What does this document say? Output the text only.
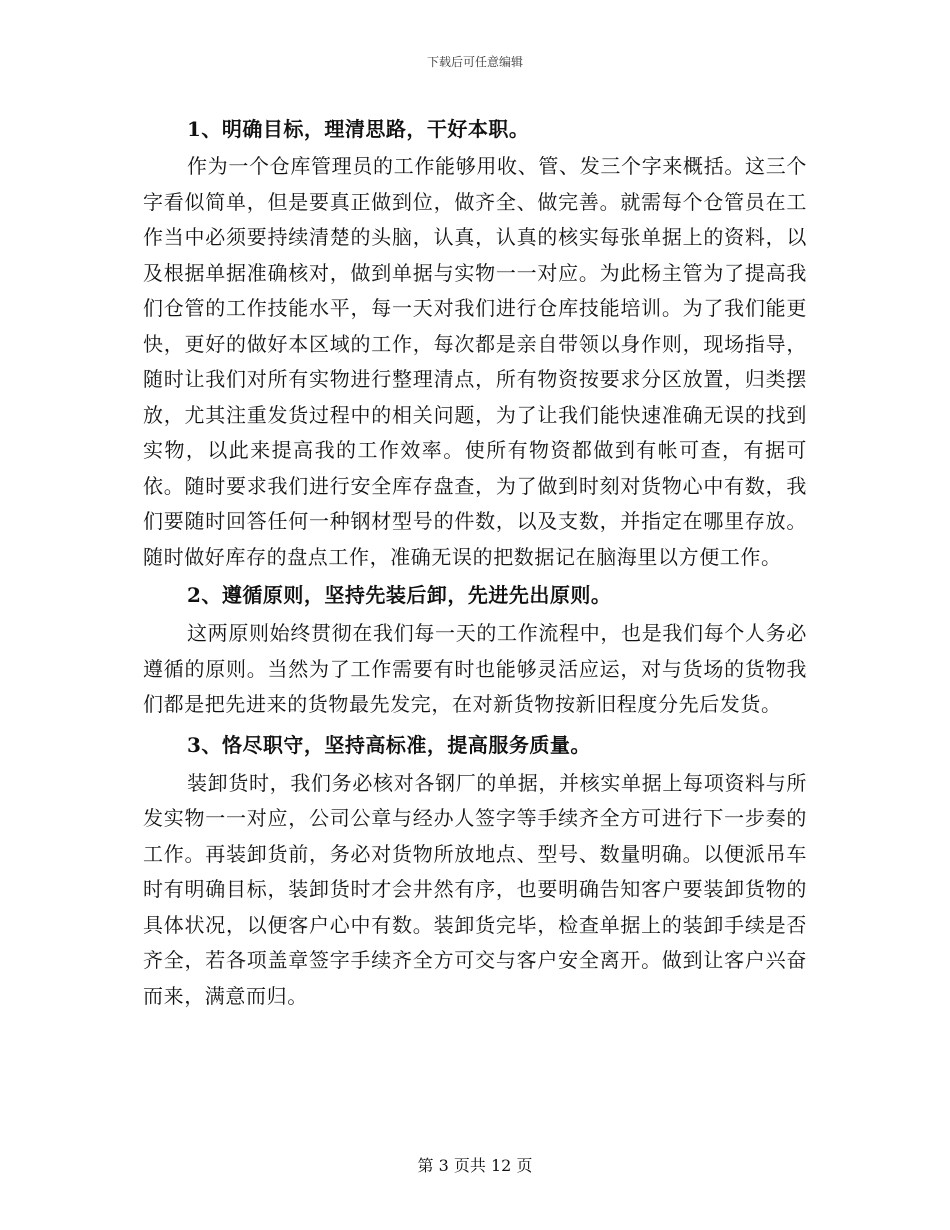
下载后可任意编辑

1、明确目标，理清思路，干好本职。

作为一个仓库管理员的工作能够用收、管、发三个字来概括。这三个字看似简单，但是要真正做到位，做齐全、做完善。就需每个仓管员在工作当中必须要持续清楚的头脑，认真，认真的核实每张单据上的资料，以及根据单据准确核对，做到单据与实物一一对应。为此杨主管为了提高我们仓管的工作技能水平，每一天对我们进行仓库技能培训。为了我们能更快，更好的做好本区域的工作，每次都是亲自带领以身作则，现场指导，随时让我们对所有实物进行整理清点，所有物资按要求分区放置，归类摆放，尤其注重发货过程中的相关问题，为了让我们能快速准确无误的找到实物，以此来提高我的工作效率。使所有物资都做到有帐可查，有据可依。随时要求我们进行安全库存盘查，为了做到时刻对货物心中有数，我们要随时回答任何一种钢材型号的件数，以及支数，并指定在哪里存放。随时做好库存的盘点工作，准确无误的把数据记在脑海里以方便工作。

2、遵循原则，坚持先装后卸，先进先出原则。

这两原则始终贯彻在我们每一天的工作流程中，也是我们每个人务必遵循的原则。当然为了工作需要有时也能够灵活应运，对与货场的货物我们都是把先进来的货物最先发完，在对新货物按新旧程度分先后发货。

3、恪尽职守，坚持高标准，提高服务质量。

装卸货时，我们务必核对各钢厂的单据，并核实单据上每项资料与所发实物一一对应，公司公章与经办人签字等手续齐全方可进行下一步奏的工作。再装卸货前，务必对货物所放地点、型号、数量明确。以便派吊车时有明确目标，装卸货时才会井然有序，也要明确告知客户要装卸货物的具体状况，以便客户心中有数。装卸货完毕，检查单据上的装卸手续是否齐全，若各项盖章签字手续齐全方可交与客户安全离开。做到让客户兴奋而来，满意而归。

第 3 页共 12 页
